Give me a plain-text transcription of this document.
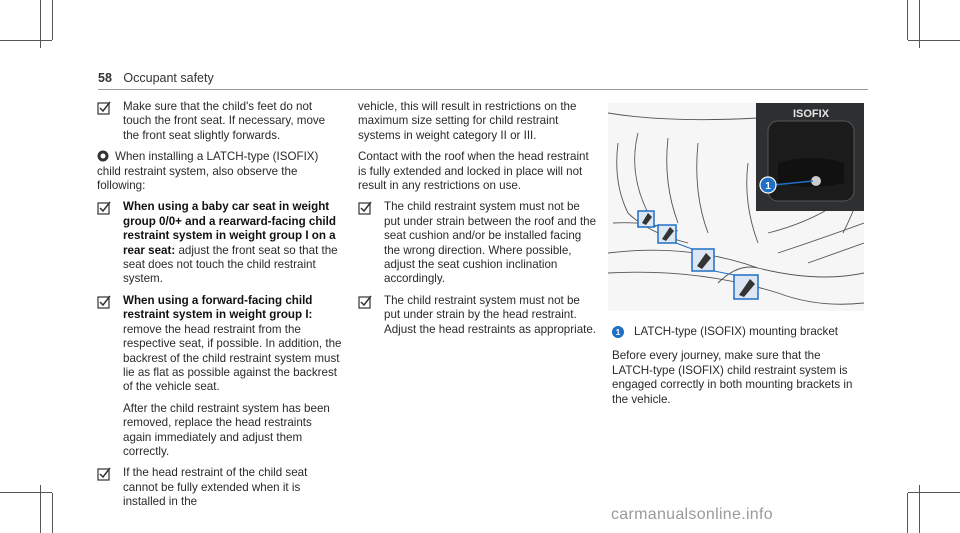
58 Occupant safety

Make sure that the child's feet do not touch the front seat. If necessary, move the front seat slightly forwards.

When installing a LATCH-type (ISOFIX) child restraint system, also observe the following:

When using a baby car seat in weight group 0/0+ and a rearward-facing child restraint system in weight group I on a rear seat: adjust the front seat so that the seat does not touch the child restraint system.

When using a forward-facing child restraint system in weight group I: remove the head restraint from the respective seat, if possible. In addition, the backrest of the child restraint system must lie as flat as possible against the backrest of the vehicle seat.

After the child restraint system has been removed, replace the head restraints again immediately and adjust them correctly.

If the head restraint of the child seat cannot be fully extended when it is installed in the

vehicle, this will result in restrictions on the maximum size setting for child restraint systems in weight category II or III.

Contact with the roof when the head restraint is fully extended and locked in place will not result in any restrictions on use.

The child restraint system must not be put under strain between the roof and the seat cushion and/or be installed facing the wrong direction. Where possible, adjust the seat cushion inclination accordingly.

The child restraint system must not be put under strain by the head restraint. Adjust the head restraints as appropriate.

ISOFIX
1
1	LATCH-type (ISOFIX) mounting bracket

Before every journey, make sure that the LATCH-type (ISOFIX) child restraint system is engaged correctly in both mounting brackets in the vehicle.

carmanualsonline.info
